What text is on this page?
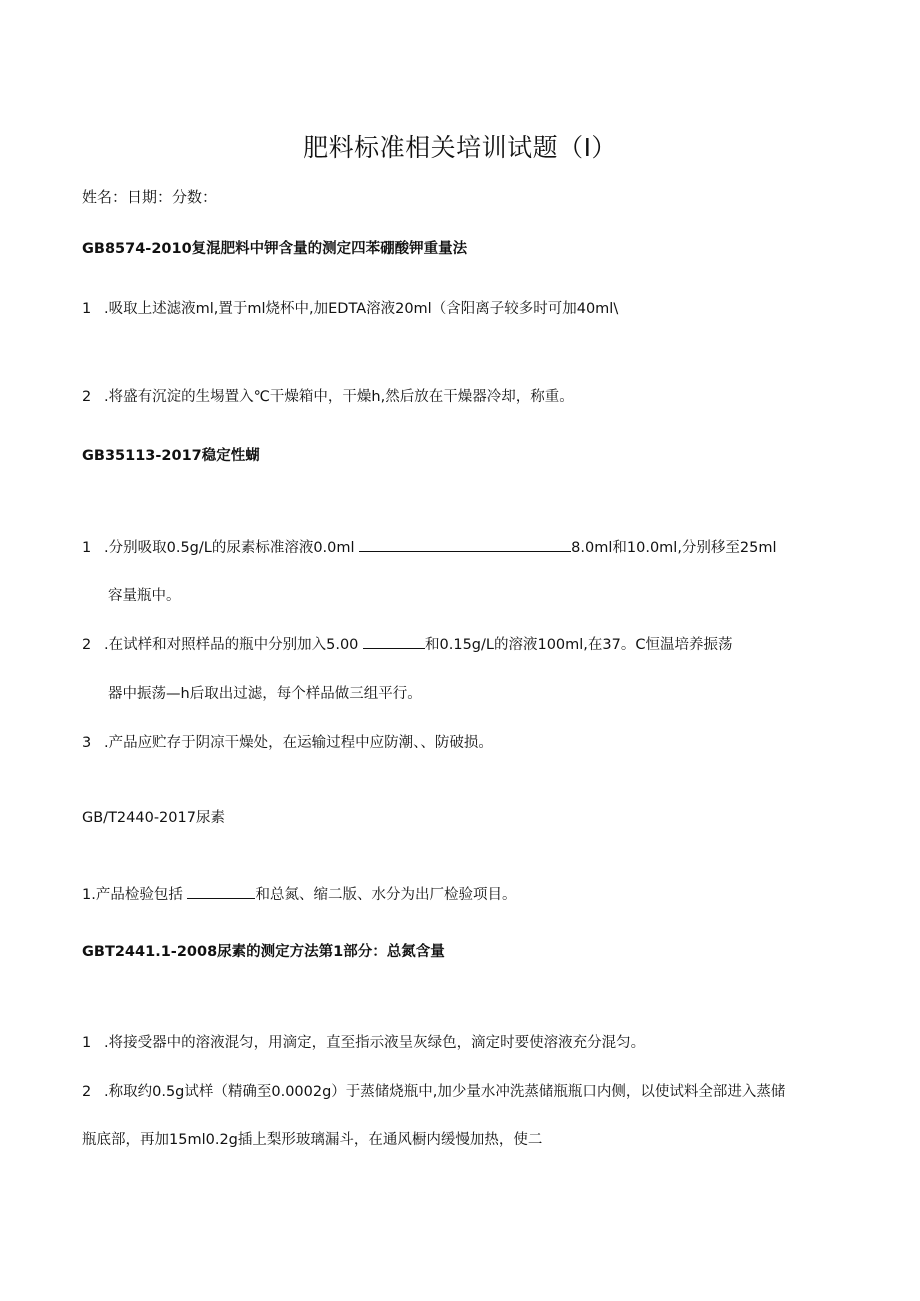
肥料标准相关培训试题（I）
姓名：日期：分数：
GB8574-2010复混肥料中钾含量的测定四苯硼酸钾重量法
1 .吸取上述滤液ml,置于ml烧杯中,加EDTA溶液20ml（含阳离子较多时可加40ml\
2 .将盛有沉淀的生埸置入℃干燥箱中，干燥h,然后放在干燥器冷却，称重。
GB35113-2017稳定性蝴
1 .分别吸取0.5g∕L的尿素标准溶液0.0ml	8.0ml和10.0ml,分别移至25ml
容量瓶中。
2 .在试样和对照样品的瓶中分别加入5.00	和0.15g∕L的溶液100ml,在37。C恒温培养振荡
器中振荡—h后取出过滤，每个样品做三组平行。
3 .产品应贮存于阴凉干燥处，在运输过程中应防潮、、防破损。
GB/T2440-2017尿素
1.产品检验包括	和总氮、缩二版、水分为出厂检验项目。
GBT2441.1-2008尿素的测定方法第1部分：总氮含量
1 .将接受器中的溶液混匀，用滴定，直至指示液呈灰绿色，滴定时要使溶液充分混匀。
2 .称取约0.5g试样（精确至0.0002g）于蒸储烧瓶中,加少量水冲洗蒸储瓶瓶口内侧，以使试料全部进入蒸储
瓶底部，再加15ml0.2g插上梨形玻璃漏斗，在通风橱内缓慢加热，使二
